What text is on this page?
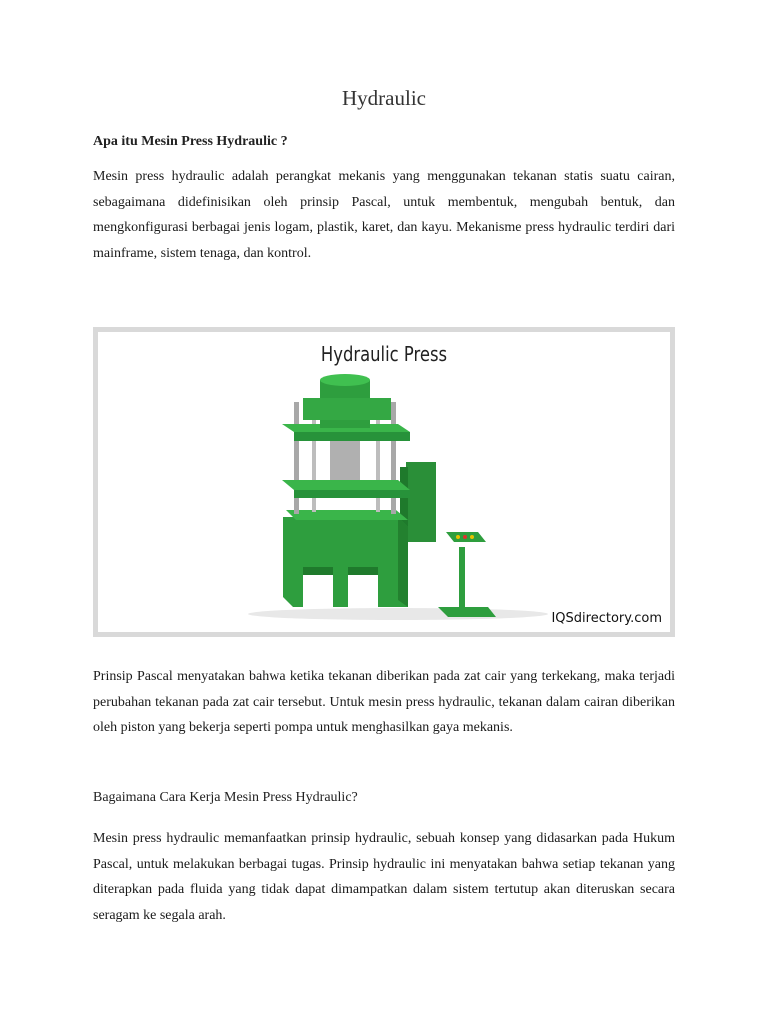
Hydraulic
Apa itu Mesin Press Hydraulic ?

Mesin press hydraulic adalah perangkat mekanis yang menggunakan tekanan statis suatu cairan, sebagaimana didefinisikan oleh prinsip Pascal, untuk membentuk, mengubah bentuk, dan mengkonfigurasi berbagai jenis logam, plastik, karet, dan kayu. Mekanisme press hydraulic terdiri dari mainframe, sistem tenaga, dan kontrol.

Hydraulic Press
IQSdirectory.com

Prinsip Pascal menyatakan bahwa ketika tekanan diberikan pada zat cair yang terkekang, maka terjadi perubahan tekanan pada zat cair tersebut. Untuk mesin press hydraulic, tekanan dalam cairan diberikan oleh piston yang bekerja seperti pompa untuk menghasilkan gaya mekanis.

Bagaimana Cara Kerja Mesin Press Hydraulic?

Mesin press hydraulic memanfaatkan prinsip hydraulic, sebuah konsep yang didasarkan pada Hukum Pascal, untuk melakukan berbagai tugas. Prinsip hydraulic ini menyatakan bahwa setiap tekanan yang diterapkan pada fluida yang tidak dapat dimampatkan dalam sistem tertutup akan diteruskan secara seragam ke segala arah.
